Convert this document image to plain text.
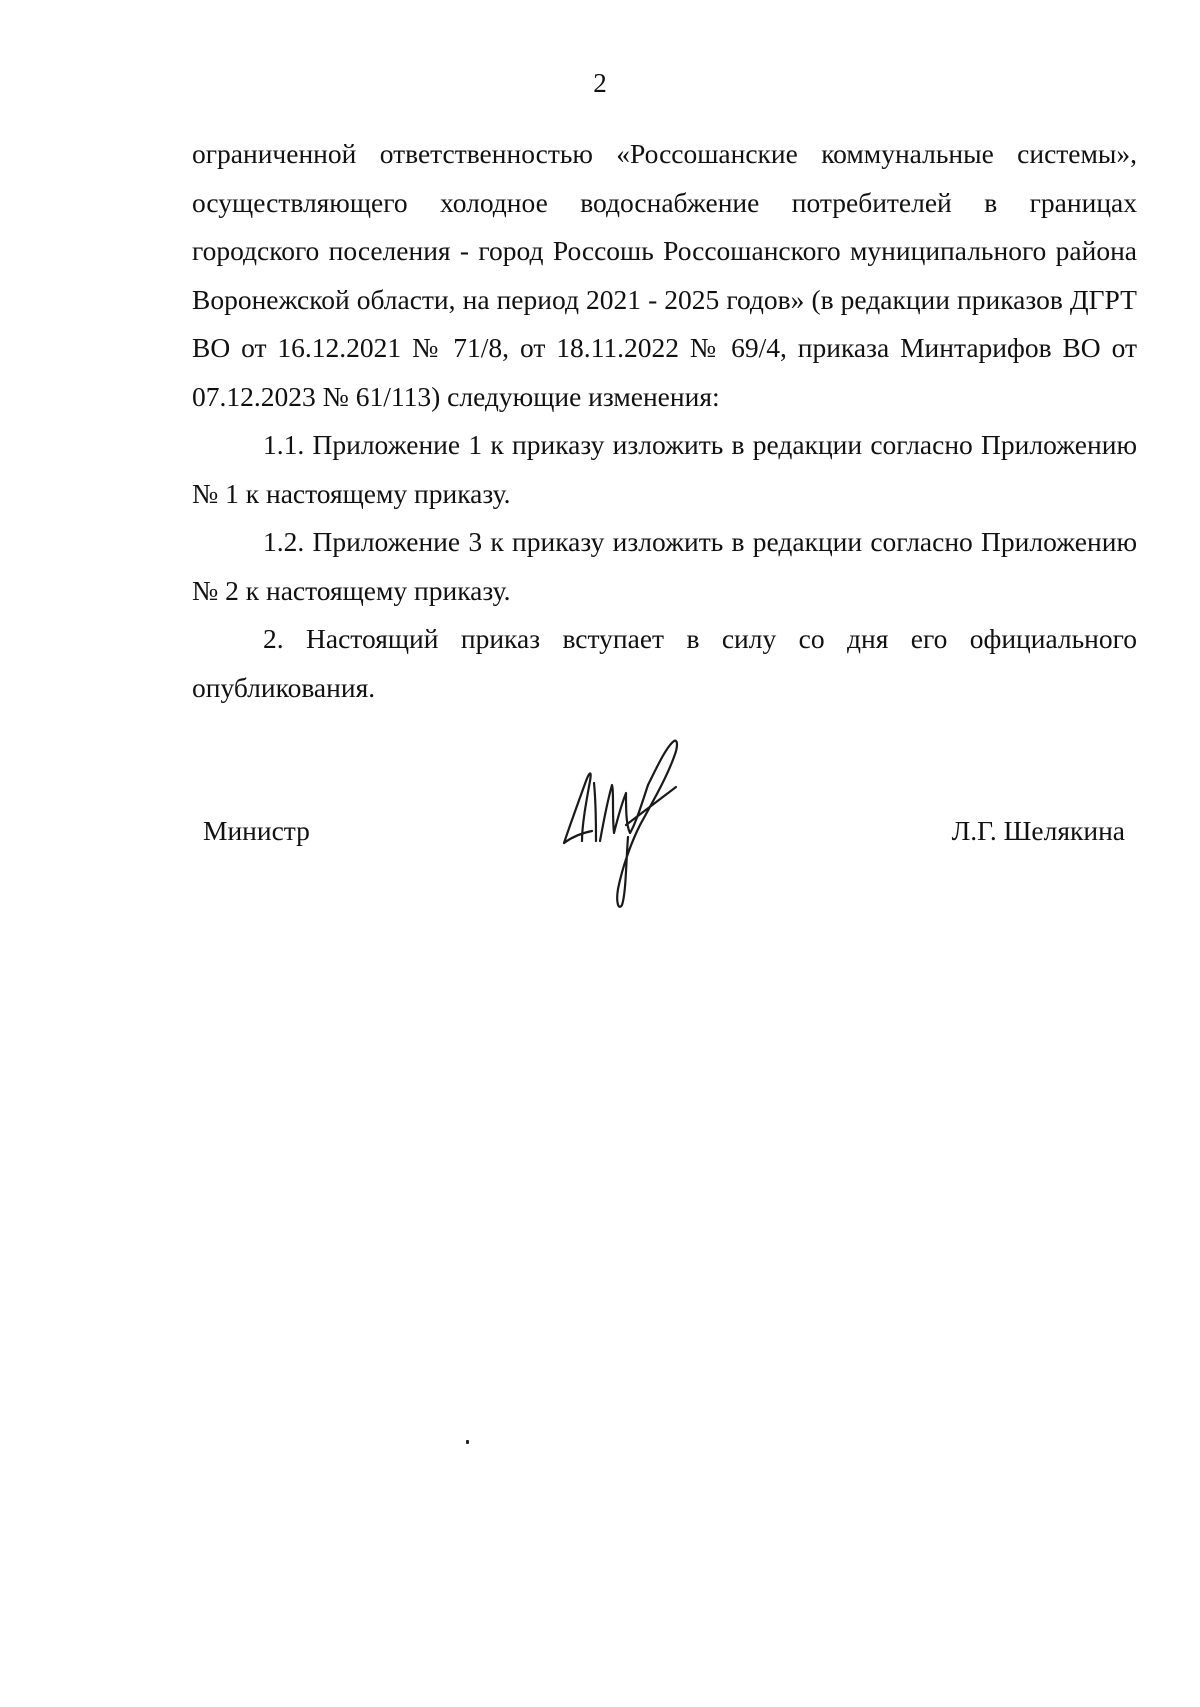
2

ограниченной ответственностью «Россошанские коммунальные системы», осуществляющего холодное водоснабжение потребителей в границах городского поселения - город Россошь Россошанского муниципального района Воронежской области, на период 2021 - 2025 годов» (в редакции приказов ДГРТ ВО от 16.12.2021 № 71/8, от 18.11.2022 № 69/4, приказа Минтарифов ВО от 07.12.2023 № 61/113) следующие изменения:

1.1. Приложение 1 к приказу изложить в редакции согласно Приложению № 1 к настоящему приказу.

1.2. Приложение 3 к приказу изложить в редакции согласно Приложению № 2 к настоящему приказу.

2. Настоящий приказ вступает в силу со дня его официального опубликования.

Министр	Л.Г. Шелякина
